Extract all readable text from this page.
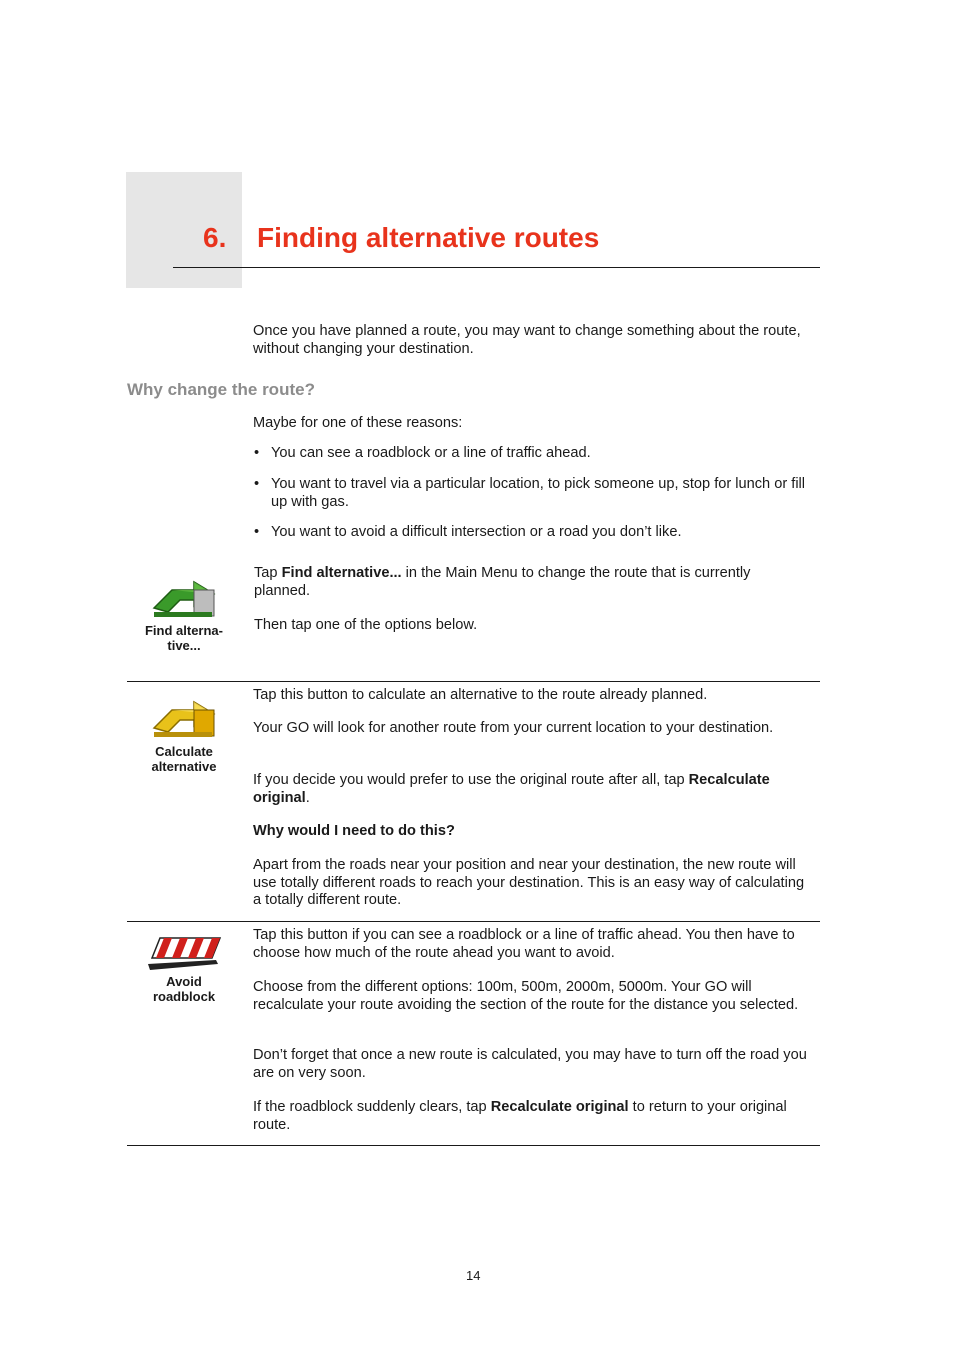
6. Finding alternative routes
Once you have planned a route, you may want to change something about the route, without changing your destination.
Why change the route?
Maybe for one of these reasons:
• You can see a roadblock or a line of traffic ahead.
• You want to travel via a particular location, to pick someone up, stop for lunch or fill up with gas.
• You want to avoid a difficult intersection or a road you don’t like.
Find alterna-
tive...
Tap Find alternative... in the Main Menu to change the route that is currently planned.
Then tap one of the options below.
Calculate
alternative
Tap this button to calculate an alternative to the route already planned.
Your GO will look for another route from your current location to your destination.
If you decide you would prefer to use the original route after all, tap Recalculate original.
Why would I need to do this?
Apart from the roads near your position and near your destination, the new route will use totally different roads to reach your destination. This is an easy way of calculating a totally different route.
Avoid
roadblock
Tap this button if you can see a roadblock or a line of traffic ahead. You then have to choose how much of the route ahead you want to avoid.
Choose from the different options: 100m, 500m, 2000m, 5000m. Your GO will recalculate your route avoiding the section of the route for the distance you selected.
Don’t forget that once a new route is calculated, you may have to turn off the road you are on very soon.
If the roadblock suddenly clears, tap Recalculate original to return to your original route.
14
